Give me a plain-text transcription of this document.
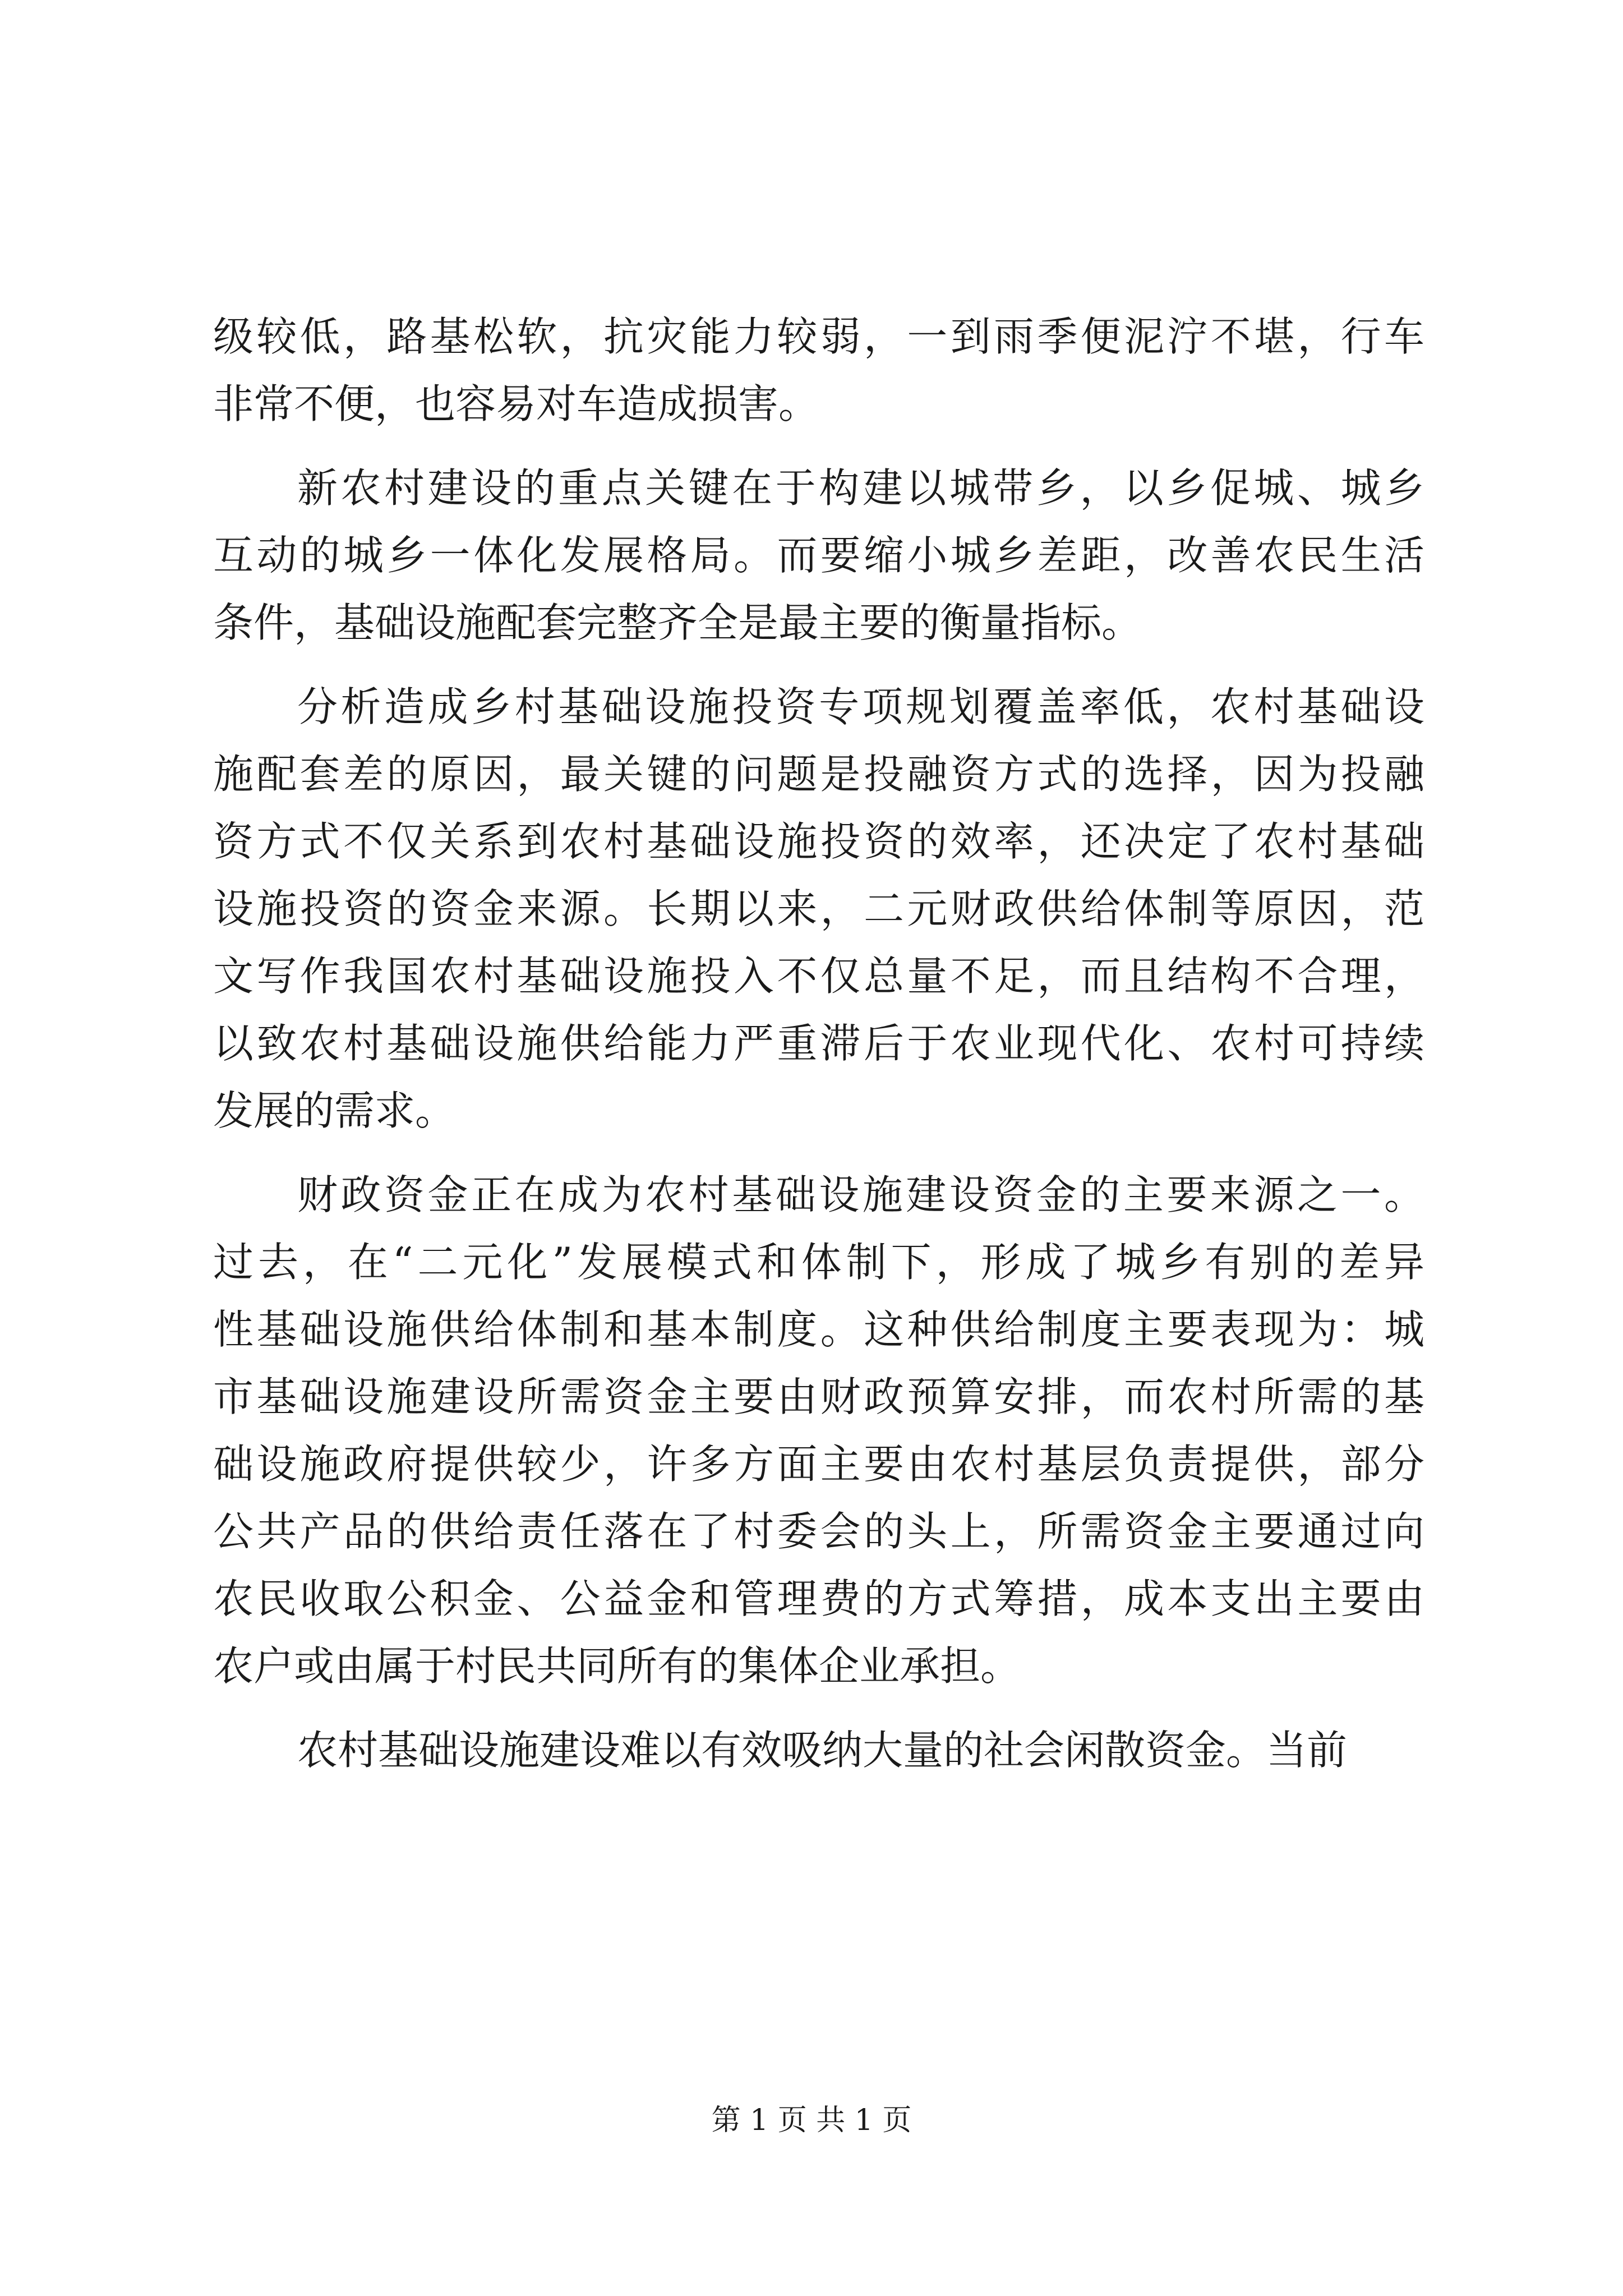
级较低，路基松软，抗灾能力较弱，一到雨季便泥泞不堪，行车
非常不便，也容易对车造成损害。
新农村建设的重点关键在于构建以城带乡，以乡促城、城乡
互动的城乡一体化发展格局。而要缩小城乡差距，改善农民生活
条件，基础设施配套完整齐全是最主要的衡量指标。
分析造成乡村基础设施投资专项规划覆盖率低，农村基础设
施配套差的原因，最关键的问题是投融资方式的选择，因为投融
资方式不仅关系到农村基础设施投资的效率，还决定了农村基础
设施投资的资金来源。长期以来，二元财政供给体制等原因，范
文写作我国农村基础设施投入不仅总量不足，而且结构不合理，
以致农村基础设施供给能力严重滞后于农业现代化、农村可持续
发展的需求。
财政资金正在成为农村基础设施建设资金的主要来源之一。
过去，在“二元化”发展模式和体制下，形成了城乡有别的差异
性基础设施供给体制和基本制度。这种供给制度主要表现为：城
市基础设施建设所需资金主要由财政预算安排，而农村所需的基
础设施政府提供较少，许多方面主要由农村基层负责提供，部分
公共产品的供给责任落在了村委会的头上，所需资金主要通过向
农民收取公积金、公益金和管理费的方式筹措，成本支出主要由
农户或由属于村民共同所有的集体企业承担。
农村基础设施建设难以有效吸纳大量的社会闲散资金。当前
第 1 页 共 1 页
